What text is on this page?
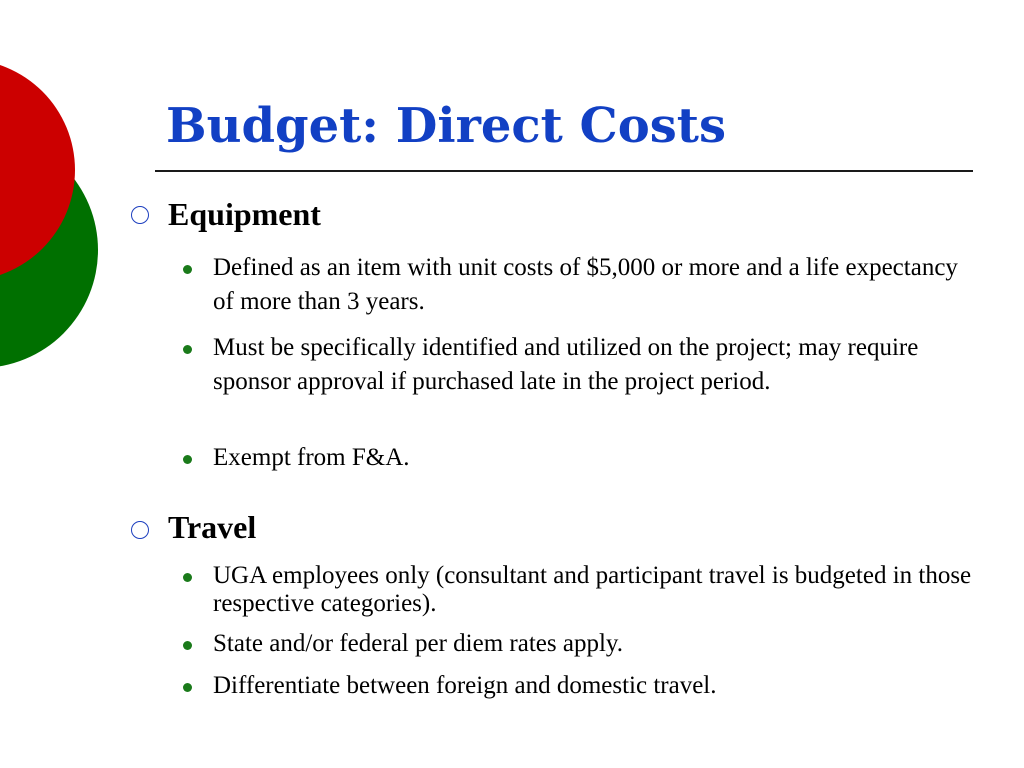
Budget: Direct Costs
Equipment

Defined as an item with unit costs of $5,000 or more and a life expectancy of more than 3 years.

Must be specifically identified and utilized on the project; may require sponsor approval if purchased late in the project period.

Exempt from F&A.

Travel

UGA employees only (consultant and participant travel is budgeted in those respective categories).

State and/or federal per diem rates apply.

Differentiate between foreign and domestic travel.
